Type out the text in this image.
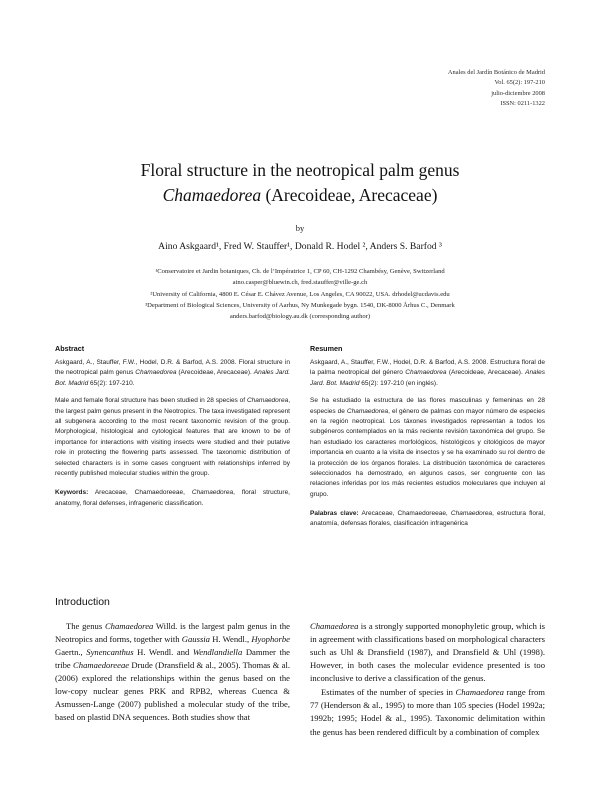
Anales del Jardín Botánico de Madrid
Vol. 65(2): 197-210
julio-diciembre 2008
ISSN: 0211-1322
Floral structure in the neotropical palm genus
Chamaedorea (Arecoideae, Arecaceae)
by
Aino Askgaard¹, Fred W. Stauffer¹, Donald R. Hodel ², Anders S. Barfod ³
¹Conservatoire et Jardin botaniques, Ch. de l’Impératrice 1, CP 60, CH-1292 Chambésy, Genève, Switzerland
aino.casper@bluewin.ch, fred.stauffer@ville-ge.ch
²University of California, 4800 E. César E. Chávez Avenue, Los Angeles, CA 90022, USA. drhodel@ucdavis.edu
³Department of Biological Sciences, University of Aarhus, Ny Munkegade bygn. 1540, DK-8000 Århus C., Denmark
anders.barfod@biology.au.dk (corresponding author)

Abstract

Askgaard, A., Stauffer, F.W., Hodel, D.R. & Barfod, A.S. 2008. Floral structure in the neotropical palm genus Chamaedorea (Arecoideae, Arecaceae). Anales Jard. Bot. Madrid 65(2): 197-210.

Male and female floral structure has been studied in 28 species of Chamaedorea, the largest palm genus present in the Neotropics. The taxa investigated represent all subgenera according to the most recent taxonomic revision of the group. Morphological, histological and cytological features that are known to be of importance for interactions with visiting insects were studied and their putative role in protecting the flowering parts assessed. The taxonomic distribution of selected characters is in some cases congruent with relationships inferred by recently published molecular studies within the group.

Keywords: Arecaceae, Chamaedoreeae, Chamaedorea, floral structure, anatomy, floral defenses, infrageneric classification.

Resumen

Askgaard, A., Stauffer, F.W., Hodel, D.R. & Barfod, A.S. 2008. Estructura floral de la palma neotropical del género Chamaedorea (Arecoideae, Arecaceae). Anales Jard. Bot. Madrid 65(2): 197-210 (en inglés).

Se ha estudiado la estructura de las flores masculinas y femeninas en 28 especies de Chamaedorea, el género de palmas con mayor número de especies en la región neotropical. Los táxones investigados representan a todos los subgéneros contemplados en la más reciente revisión taxonómica del grupo. Se han estudiado los caracteres morfológicos, histológicos y citológicos de mayor importancia en cuanto a la visita de insectos y se ha examinado su rol dentro de la protección de los órganos florales. La distribución taxonómica de caracteres seleccionados ha demostrado, en algunos casos, ser congruente con las relaciones inferidas por los más recientes estudios moleculares que incluyen al grupo.

Palabras clave: Arecaceae, Chamaedoreeae, Chamaedorea, estructura floral, anatomía, defensas florales, clasificación infragenérica

Introduction

The genus Chamaedorea Willd. is the largest palm genus in the Neotropics and forms, together with Gaussia H. Wendl., Hyophorbe Gaertn., Synencanthus H. Wendl. and Wendlandiella Dammer the tribe Chamaedoreeae Drude (Dransfield & al., 2005). Thomas & al. (2006) explored the relationships within the genus based on the low-copy nuclear genes PRK and RPB2, whereas Cuenca & Asmussen-Lange (2007) published a molecular study of the tribe, based on plastid DNA sequences. Both studies show that

Chamaedorea is a strongly supported monophyletic group, which is in agreement with classifications based on morphological characters such as Uhl & Dransfield (1987), and Dransfield & Uhl (1998). However, in both cases the molecular evidence presented is too inconclusive to derive a classification of the genus.

Estimates of the number of species in Chamaedorea range from 77 (Henderson & al., 1995) to more than 105 species (Hodel 1992a; 1992b; 1995; Hodel & al., 1995). Taxonomic delimitation within the genus has been rendered difficult by a combination of complex
